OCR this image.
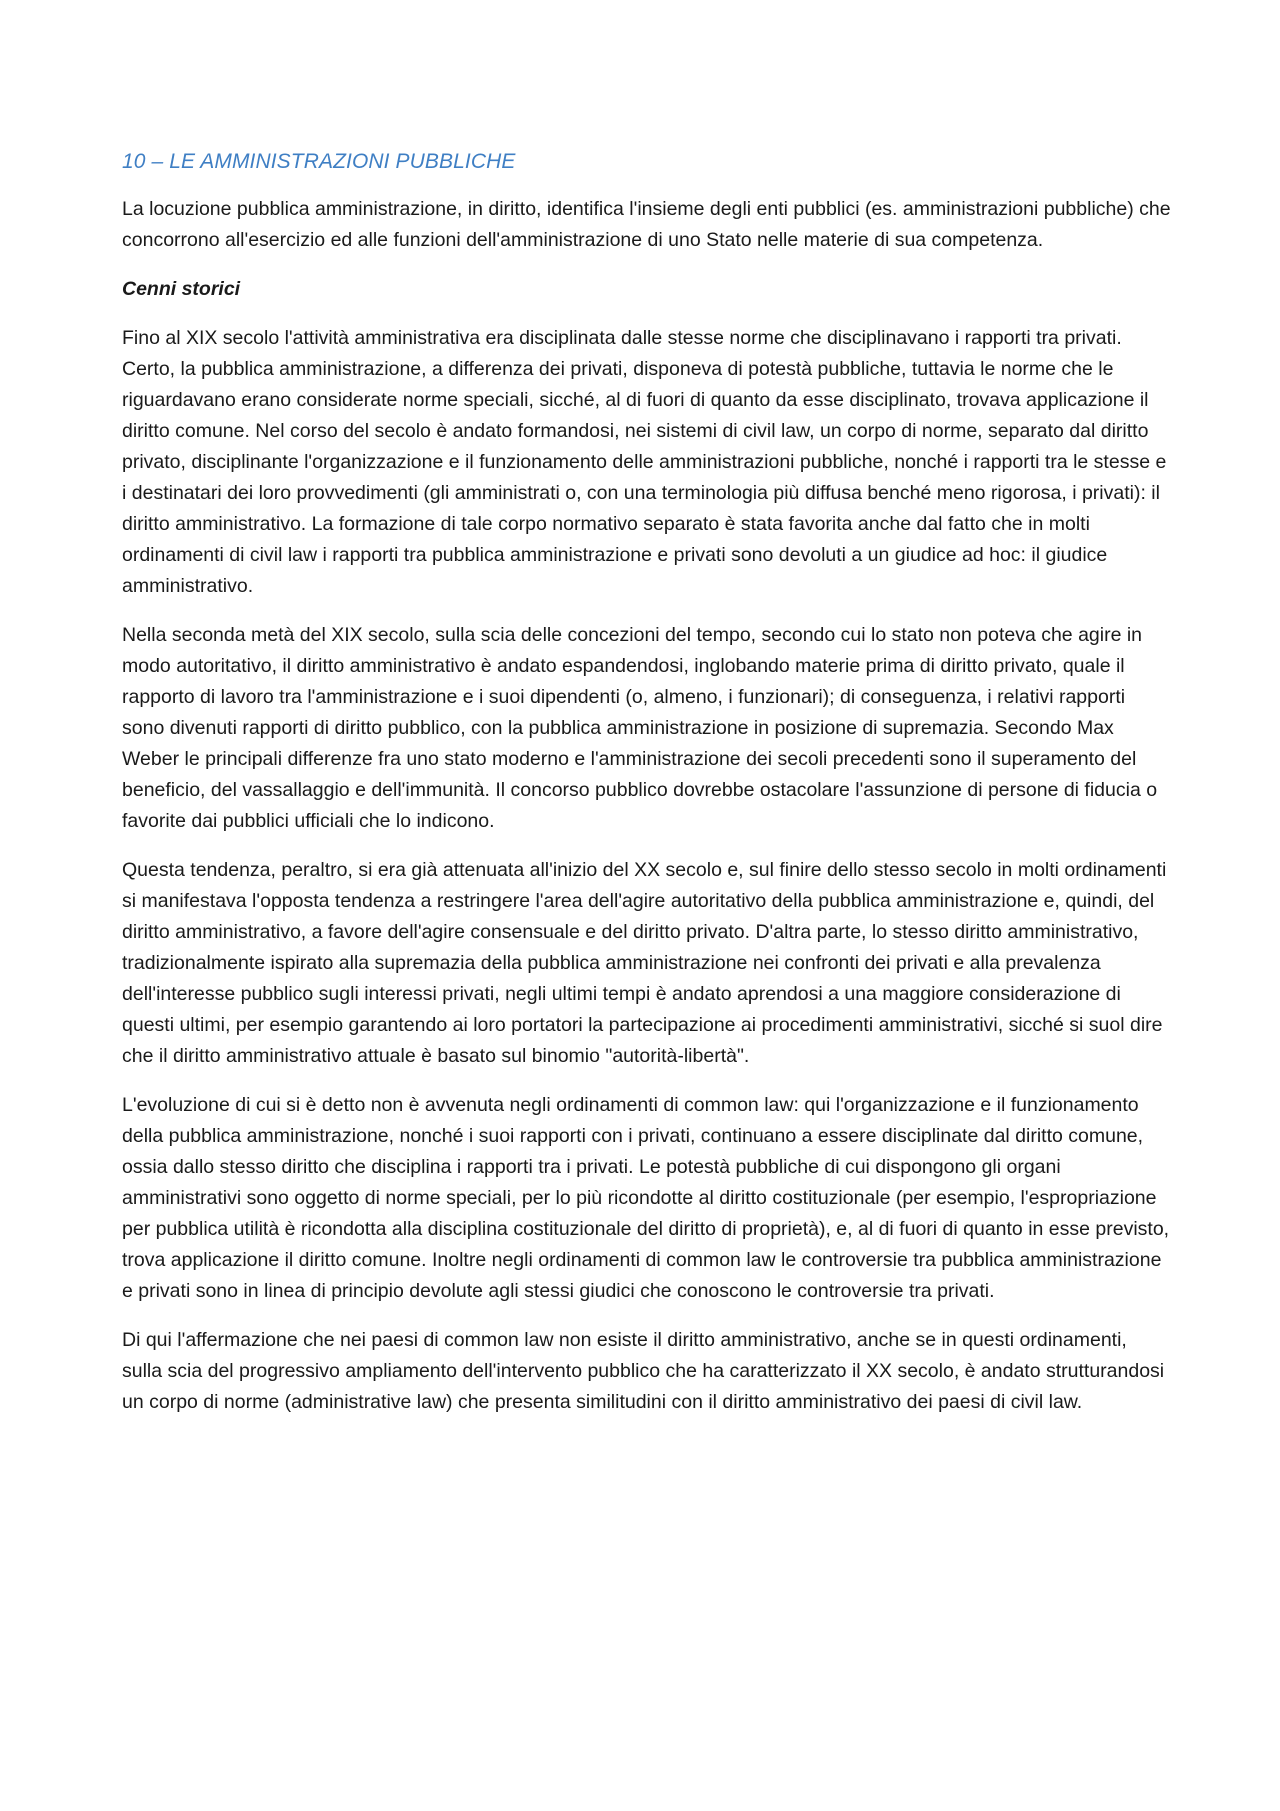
10 – LE AMMINISTRAZIONI PUBBLICHE

La locuzione pubblica amministrazione, in diritto, identifica l'insieme degli enti pubblici (es. amministrazioni pubbliche) che concorrono all'esercizio ed alle funzioni dell'amministrazione di uno Stato nelle materie di sua competenza.

Cenni storici

Fino al XIX secolo l'attività amministrativa era disciplinata dalle stesse norme che disciplinavano i rapporti tra privati. Certo, la pubblica amministrazione, a differenza dei privati, disponeva di potestà pubbliche, tuttavia le norme che le riguardavano erano considerate norme speciali, sicché, al di fuori di quanto da esse disciplinato, trovava applicazione il diritto comune. Nel corso del secolo è andato formandosi, nei sistemi di civil law, un corpo di norme, separato dal diritto privato, disciplinante l'organizzazione e il funzionamento delle amministrazioni pubbliche, nonché i rapporti tra le stesse e i destinatari dei loro provvedimenti (gli amministrati o, con una terminologia più diffusa benché meno rigorosa, i privati): il diritto amministrativo. La formazione di tale corpo normativo separato è stata favorita anche dal fatto che in molti ordinamenti di civil law i rapporti tra pubblica amministrazione e privati sono devoluti a un giudice ad hoc: il giudice amministrativo.

Nella seconda metà del XIX secolo, sulla scia delle concezioni del tempo, secondo cui lo stato non poteva che agire in modo autoritativo, il diritto amministrativo è andato espandendosi, inglobando materie prima di diritto privato, quale il rapporto di lavoro tra l'amministrazione e i suoi dipendenti (o, almeno, i funzionari); di conseguenza, i relativi rapporti sono divenuti rapporti di diritto pubblico, con la pubblica amministrazione in posizione di supremazia. Secondo Max Weber le principali differenze fra uno stato moderno e l'amministrazione dei secoli precedenti sono il superamento del beneficio, del vassallaggio e dell'immunità. Il concorso pubblico dovrebbe ostacolare l'assunzione di persone di fiducia o favorite dai pubblici ufficiali che lo indicono.

Questa tendenza, peraltro, si era già attenuata all'inizio del XX secolo e, sul finire dello stesso secolo in molti ordinamenti si manifestava l'opposta tendenza a restringere l'area dell'agire autoritativo della pubblica amministrazione e, quindi, del diritto amministrativo, a favore dell'agire consensuale e del diritto privato. D'altra parte, lo stesso diritto amministrativo, tradizionalmente ispirato alla supremazia della pubblica amministrazione nei confronti dei privati e alla prevalenza dell'interesse pubblico sugli interessi privati, negli ultimi tempi è andato aprendosi a una maggiore considerazione di questi ultimi, per esempio garantendo ai loro portatori la partecipazione ai procedimenti amministrativi, sicché si suol dire che il diritto amministrativo attuale è basato sul binomio "autorità-libertà".

L'evoluzione di cui si è detto non è avvenuta negli ordinamenti di common law: qui l'organizzazione e il funzionamento della pubblica amministrazione, nonché i suoi rapporti con i privati, continuano a essere disciplinate dal diritto comune, ossia dallo stesso diritto che disciplina i rapporti tra i privati. Le potestà pubbliche di cui dispongono gli organi amministrativi sono oggetto di norme speciali, per lo più ricondotte al diritto costituzionale (per esempio, l'espropriazione per pubblica utilità è ricondotta alla disciplina costituzionale del diritto di proprietà), e, al di fuori di quanto in esse previsto, trova applicazione il diritto comune. Inoltre negli ordinamenti di common law le controversie tra pubblica amministrazione e privati sono in linea di principio devolute agli stessi giudici che conoscono le controversie tra privati.

Di qui l'affermazione che nei paesi di common law non esiste il diritto amministrativo, anche se in questi ordinamenti, sulla scia del progressivo ampliamento dell'intervento pubblico che ha caratterizzato il XX secolo, è andato strutturandosi un corpo di norme (administrative law) che presenta similitudini con il diritto amministrativo dei paesi di civil law.
